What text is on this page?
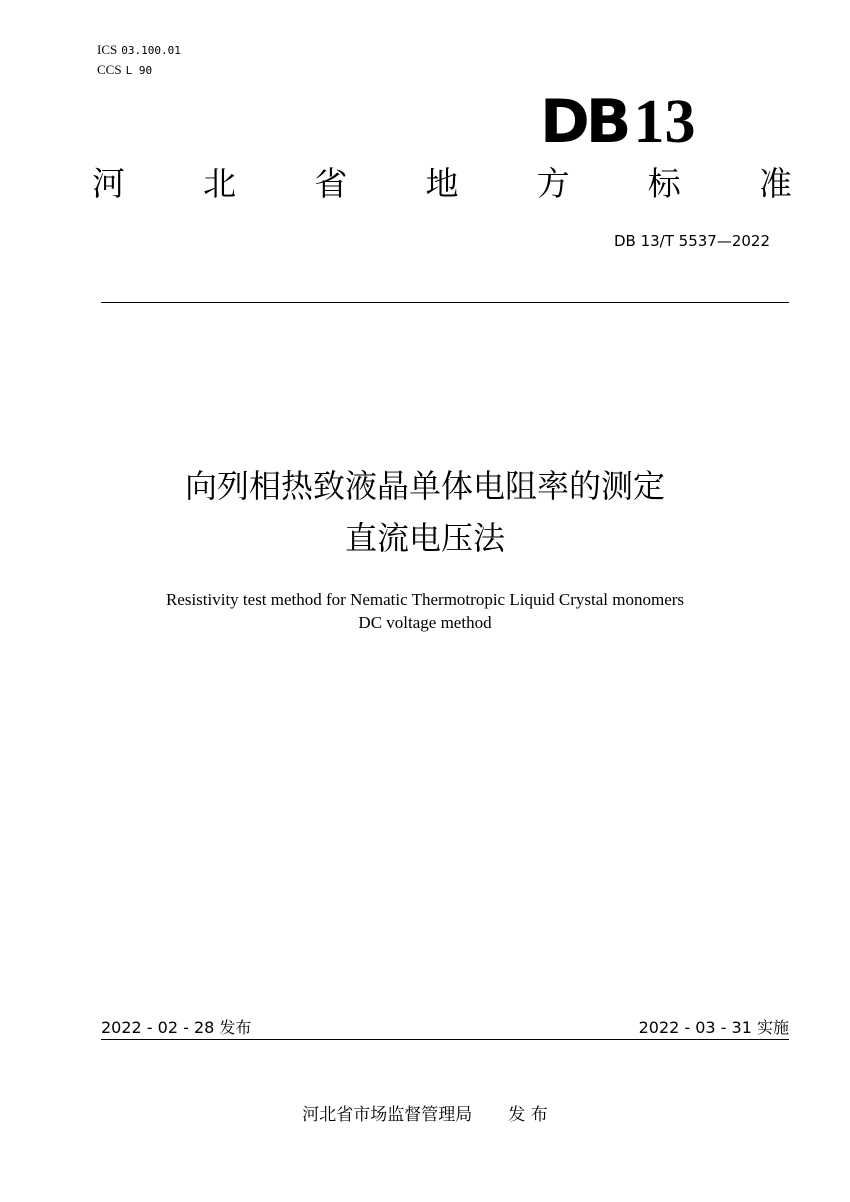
ICS 03.100.01
CCS L 90
DB13
河 北 省 地 方 标 准
DB 13/T 5537—2022
向列相热致液晶单体电阻率的测定
直流电压法
Resistivity test method for Nematic Thermotropic Liquid Crystal monomers
DC voltage method
2022 - 02 - 28 发布	2022 - 03 - 31 实施
河北省市场监督管理局 发 布
